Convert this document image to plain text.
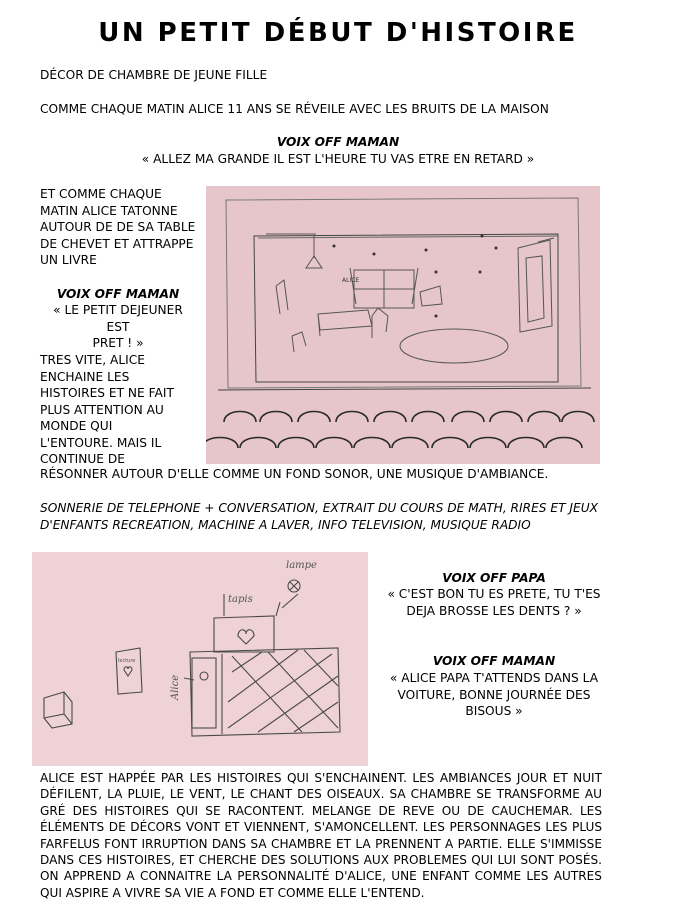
UN PETIT DÉBUT D'HISTOIRE
DÉCOR DE CHAMBRE DE JEUNE FILLE
COMME CHAQUE MATIN ALICE 11 ANS SE RÉVEILE AVEC LES BRUITS DE LA MAISON
VOIX OFF MAMAN
« ALLEZ MA GRANDE IL EST L'HEURE TU VAS ETRE EN RETARD »
ET COMME CHAQUE
MATIN ALICE TATONNE
AUTOUR DE DE SA TABLE
DE CHEVET ET ATTRAPPE
UN LIVRE
VOIX OFF MAMAN
« LE PETIT DEJEUNER EST
PRET ! »
TRES VITE, ALICE
ENCHAINE LES
HISTOIRES ET NE FAIT
PLUS ATTENTION AU
MONDE QUI
L'ENTOURE. MAIS IL
CONTINUE DE
ALICE
RÉSONNER AUTOUR D'ELLE COMME UN FOND SONOR, UNE MUSIQUE D'AMBIANCE.
SONNERIE DE TELEPHONE + CONVERSATION, EXTRAIT DU COURS DE MATH, RIRES ET JEUX
D'ENFANTS RECREATION, MACHINE A LAVER, INFO TELEVISION, MUSIQUE RADIO
lampe
tapis
lecture
Alice
VOIX OFF PAPA
« C'EST BON TU ES PRETE, TU T'ES
DEJA BROSSE LES DENTS ? »
VOIX OFF MAMAN
« ALICE PAPA T'ATTENDS DANS LA
VOITURE, BONNE JOURNÉE DES
BISOUS »
ALICE EST HAPPÉE PAR LES HISTOIRES QUI S'ENCHAINENT. LES AMBIANCES JOUR ET NUIT DÉFILENT, LA PLUIE, LE VENT, LE CHANT DES OISEAUX. SA CHAMBRE SE TRANSFORME AU GRÉ DES HISTOIRES QUI SE RACONTENT. MELANGE DE REVE OU DE CAUCHEMAR. LES ÉLÉMENTS DE DÉCORS VONT ET VIENNENT, S'AMONCELLENT. LES PERSONNAGES LES PLUS FARFELUS FONT IRRUPTION DANS SA CHAMBRE ET LA PRENNENT A PARTIE. ELLE S'IMMISSE DANS CES HISTOIRES, ET CHERCHE DES SOLUTIONS AUX PROBLEMES QUI LUI SONT POSÉS. ON APPREND A CONNAITRE LA PERSONNALITÉ D'ALICE, UNE ENFANT COMME LES AUTRES QUI ASPIRE A VIVRE SA VIE A FOND ET COMME ELLE L'ENTEND.
